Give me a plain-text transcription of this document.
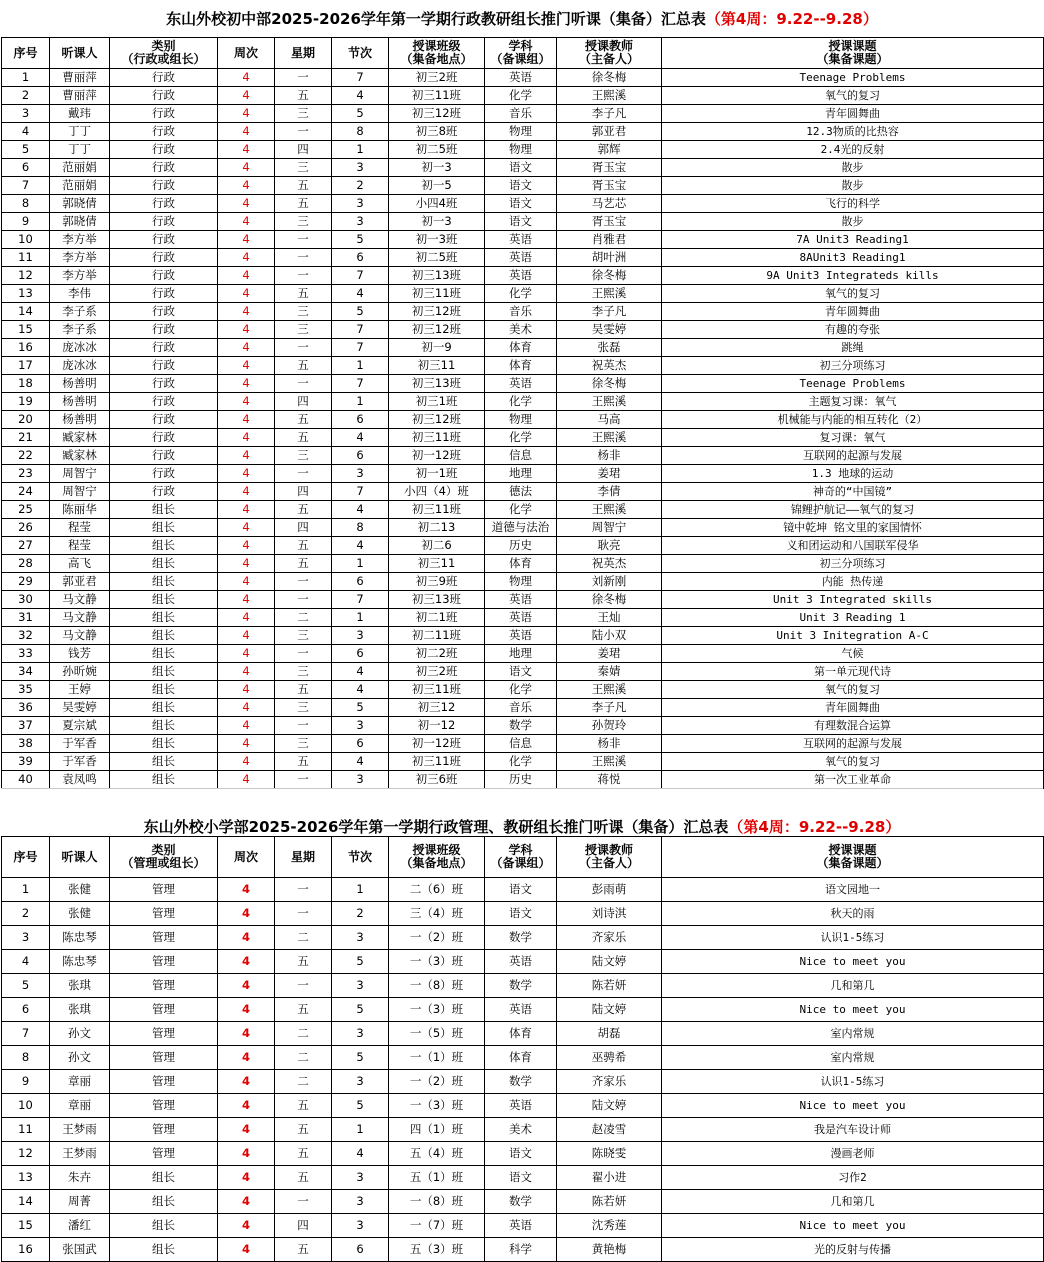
东山外校初中部2025-2026学年第一学期行政教研组长推门听课（集备）汇总表（第4周：9.22--9.28）
序号	听课人	类别
（行政或组长）	周次	星期	节次	授课班级
（集备地点）	学科
（备课组）	授课教师
（主备人）	授课课题
（集备课题）
1	曹丽萍	行政	4	一	7	初三2班	英语	徐冬梅	Teenage Problems
2	曹丽萍	行政	4	五	4	初三11班	化学	王熙溪	氧气的复习
3	戴玮	行政	4	三	5	初三12班	音乐	李子凡	青年圆舞曲
4	丁丁	行政	4	一	8	初三8班	物理	郭亚君	12.3物质的比热容
5	丁丁	行政	4	四	1	初二5班	物理	郭辉	2.4光的反射
6	范丽娟	行政	4	三	3	初一3	语文	胥玉宝	散步
7	范丽娟	行政	4	五	2	初一5	语文	胥玉宝	散步
8	郭晓倩	行政	4	五	3	小四4班	语文	马艺芯	飞行的科学
9	郭晓倩	行政	4	三	3	初一3	语文	胥玉宝	散步
10	李方举	行政	4	一	5	初一3班	英语	肖雅君	7A Unit3 Reading1
11	李方举	行政	4	一	6	初二5班	英语	胡叶洲	8AUnit3 Reading1
12	李方举	行政	4	一	7	初三13班	英语	徐冬梅	9A Unit3 Integrateds kills
13	李伟	行政	4	五	4	初三11班	化学	王熙溪	氧气的复习
14	李子系	行政	4	三	5	初三12班	音乐	李子凡	青年圆舞曲
15	李子系	行政	4	三	7	初三12班	美术	吴雯婷	有趣的夸张
16	庞冰冰	行政	4	一	7	初一9	体育	张磊	跳绳
17	庞冰冰	行政	4	五	1	初三11	体育	祝英杰	初三分项练习
18	杨善明	行政	4	一	7	初三13班	英语	徐冬梅	Teenage Problems
19	杨善明	行政	4	四	1	初三1班	化学	王熙溪	主题复习课：氧气
20	杨善明	行政	4	五	6	初三12班	物理	马高	机械能与内能的相互转化（2）
21	臧家林	行政	4	五	4	初三11班	化学	王熙溪	复习课：氧气
22	臧家林	行政	4	三	6	初一12班	信息	杨非	互联网的起源与发展
23	周智宁	行政	4	一	3	初一1班	地理	姜珺	1.3 地球的运动
24	周智宁	行政	4	四	7	小四（4）班	德法	李倩	神奇的“中国镜”
25	陈丽华	组长	4	五	4	初三11班	化学	王熙溪	锦鲤护航记——氧气的复习
26	程莹	组长	4	四	8	初二13	道德与法治	周智宁	镜中乾坤 铭文里的家国情怀
27	程莹	组长	4	五	4	初二6	历史	耿亮	义和团运动和八国联军侵华
28	高飞	组长	4	五	1	初三11	体育	祝英杰	初三分项练习
29	郭亚君	组长	4	一	6	初三9班	物理	刘新刚	内能 热传递
30	马文静	组长	4	一	7	初三13班	英语	徐冬梅	Unit 3 Integrated skills
31	马文静	组长	4	二	1	初二1班	英语	王灿	Unit 3 Reading 1
32	马文静	组长	4	三	3	初二11班	英语	陆小双	Unit 3 Initegration A-C
33	钱芳	组长	4	一	6	初二2班	地理	姜珺	气候
34	孙昕婉	组长	4	三	4	初三2班	语文	秦婧	第一单元现代诗
35	王婷	组长	4	五	4	初三11班	化学	王熙溪	氧气的复习
36	吴雯婷	组长	4	三	5	初三12	音乐	李子凡	青年圆舞曲
37	夏宗斌	组长	4	一	3	初一12	数学	孙贺玲	有理数混合运算
38	于军香	组长	4	三	6	初一12班	信息	杨非	互联网的起源与发展
39	于军香	组长	4	五	4	初三11班	化学	王熙溪	氧气的复习
40	袁凤鸣	组长	4	一	3	初三6班	历史	蒋悦	第一次工业革命
东山外校小学部2025-2026学年第一学期行政管理、教研组长推门听课（集备）汇总表（第4周：9.22--9.28）
序号	听课人	类别
（管理或组长）	周次	星期	节次	授课班级
（集备地点）	学科
（备课组）	授课教师
（主备人）	授课课题
（集备课题）
1	张健	管理	4	一	1	二（6）班	语文	彭雨萌	语文园地一
2	张健	管理	4	一	2	三（4）班	语文	刘诗淇	秋天的雨
3	陈忠琴	管理	4	二	3	一（2）班	数学	齐家乐	认识1-5练习
4	陈忠琴	管理	4	五	5	一（3）班	英语	陆文婷	Nice to meet you
5	张琪	管理	4	一	3	一（8）班	数学	陈若妍	几和第几
6	张琪	管理	4	五	5	一（3）班	英语	陆文婷	Nice to meet you
7	孙文	管理	4	二	3	一（5）班	体育	胡磊	室内常规
8	孙文	管理	4	二	5	一（1）班	体育	巫骋希	室内常规
9	章丽	管理	4	二	3	一（2）班	数学	齐家乐	认识1-5练习
10	章丽	管理	4	五	5	一（3）班	英语	陆文婷	Nice to meet you
11	王梦雨	管理	4	五	1	四（1）班	美术	赵凌雪	我是汽车设计师
12	王梦雨	管理	4	五	4	五（4）班	语文	陈晓雯	漫画老师
13	朱卉	组长	4	五	3	五（1）班	语文	翟小进	习作2
14	周菁	组长	4	一	3	一（8）班	数学	陈若妍	几和第几
15	潘红	组长	4	四	3	一（7）班	英语	沈秀莲	Nice to meet you
16	张国武	组长	4	五	6	五（3）班	科学	黄艳梅	光的反射与传播
